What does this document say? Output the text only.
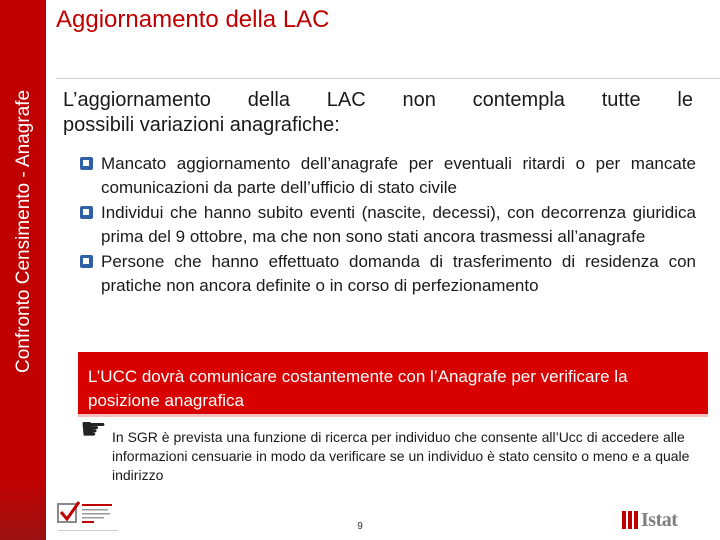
Confronto Censimento - Anagrafe
Aggiornamento della LAC
L’aggiornamento della LAC non contempla tutte le
possibili variazioni anagrafiche:
Mancato aggiornamento dell’anagrafe per eventuali ritardi o per mancate comunicazioni da parte dell’ufficio di stato civile
Individui che hanno subito eventi (nascite, decessi), con decorrenza giuridica prima del 9 ottobre, ma che non sono stati ancora trasmessi all’anagrafe
Persone che hanno effettuato domanda di trasferimento di residenza con pratiche non ancora definite o in corso di perfezionamento
L’UCC dovrà comunicare costantemente con l’Anagrafe per verificare la posizione anagrafica
☛ In SGR è prevista una funzione di ricerca per individuo che consente all’Ucc di accedere alle informazioni censuarie in modo da verificare se un individuo è stato censito o meno e a quale indirizzo
9	Istat
